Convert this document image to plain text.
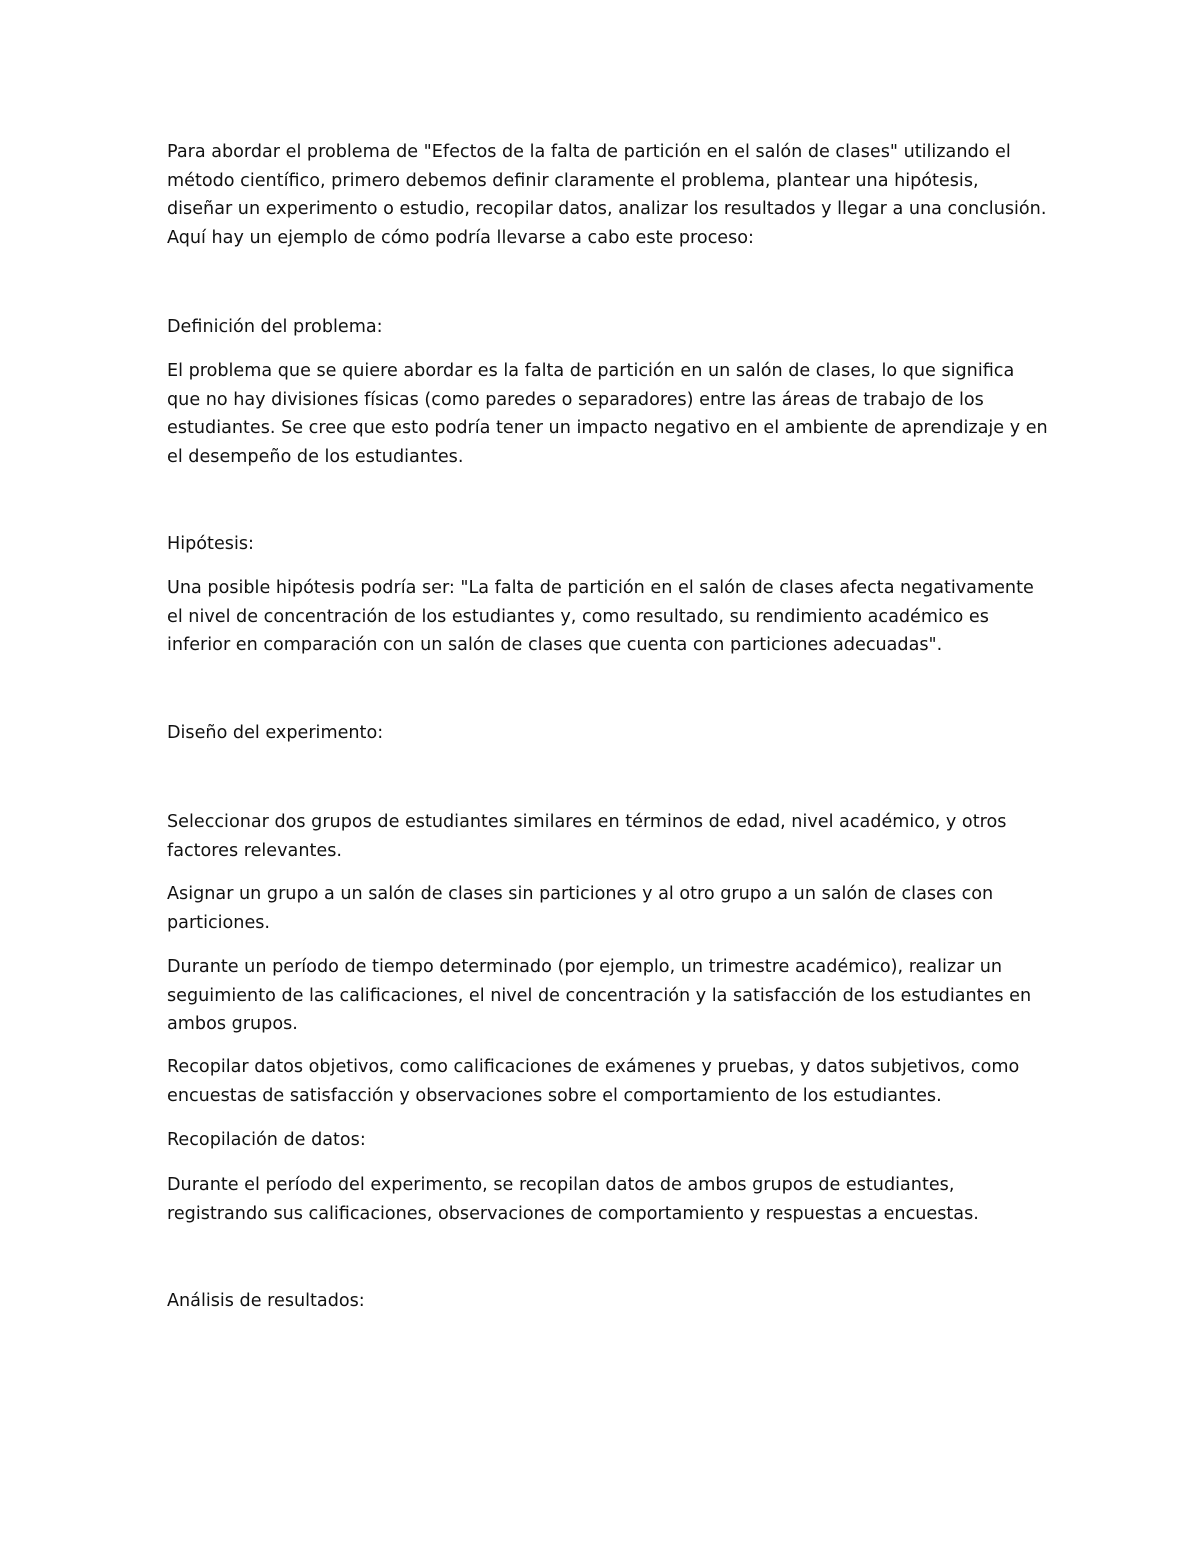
Para abordar el problema de "Efectos de la falta de partición en el salón de clases" utilizando el
método científico, primero debemos definir claramente el problema, plantear una hipótesis,
diseñar un experimento o estudio, recopilar datos, analizar los resultados y llegar a una conclusión.
Aquí hay un ejemplo de cómo podría llevarse a cabo este proceso:

Definición del problema:

El problema que se quiere abordar es la falta de partición en un salón de clases, lo que significa
que no hay divisiones físicas (como paredes o separadores) entre las áreas de trabajo de los
estudiantes. Se cree que esto podría tener un impacto negativo en el ambiente de aprendizaje y en
el desempeño de los estudiantes.

Hipótesis:

Una posible hipótesis podría ser: "La falta de partición en el salón de clases afecta negativamente
el nivel de concentración de los estudiantes y, como resultado, su rendimiento académico es
inferior en comparación con un salón de clases que cuenta con particiones adecuadas".

Diseño del experimento:

Seleccionar dos grupos de estudiantes similares en términos de edad, nivel académico, y otros
factores relevantes.

Asignar un grupo a un salón de clases sin particiones y al otro grupo a un salón de clases con
particiones.

Durante un período de tiempo determinado (por ejemplo, un trimestre académico), realizar un
seguimiento de las calificaciones, el nivel de concentración y la satisfacción de los estudiantes en
ambos grupos.

Recopilar datos objetivos, como calificaciones de exámenes y pruebas, y datos subjetivos, como
encuestas de satisfacción y observaciones sobre el comportamiento de los estudiantes.

Recopilación de datos:

Durante el período del experimento, se recopilan datos de ambos grupos de estudiantes,
registrando sus calificaciones, observaciones de comportamiento y respuestas a encuestas.

Análisis de resultados:
